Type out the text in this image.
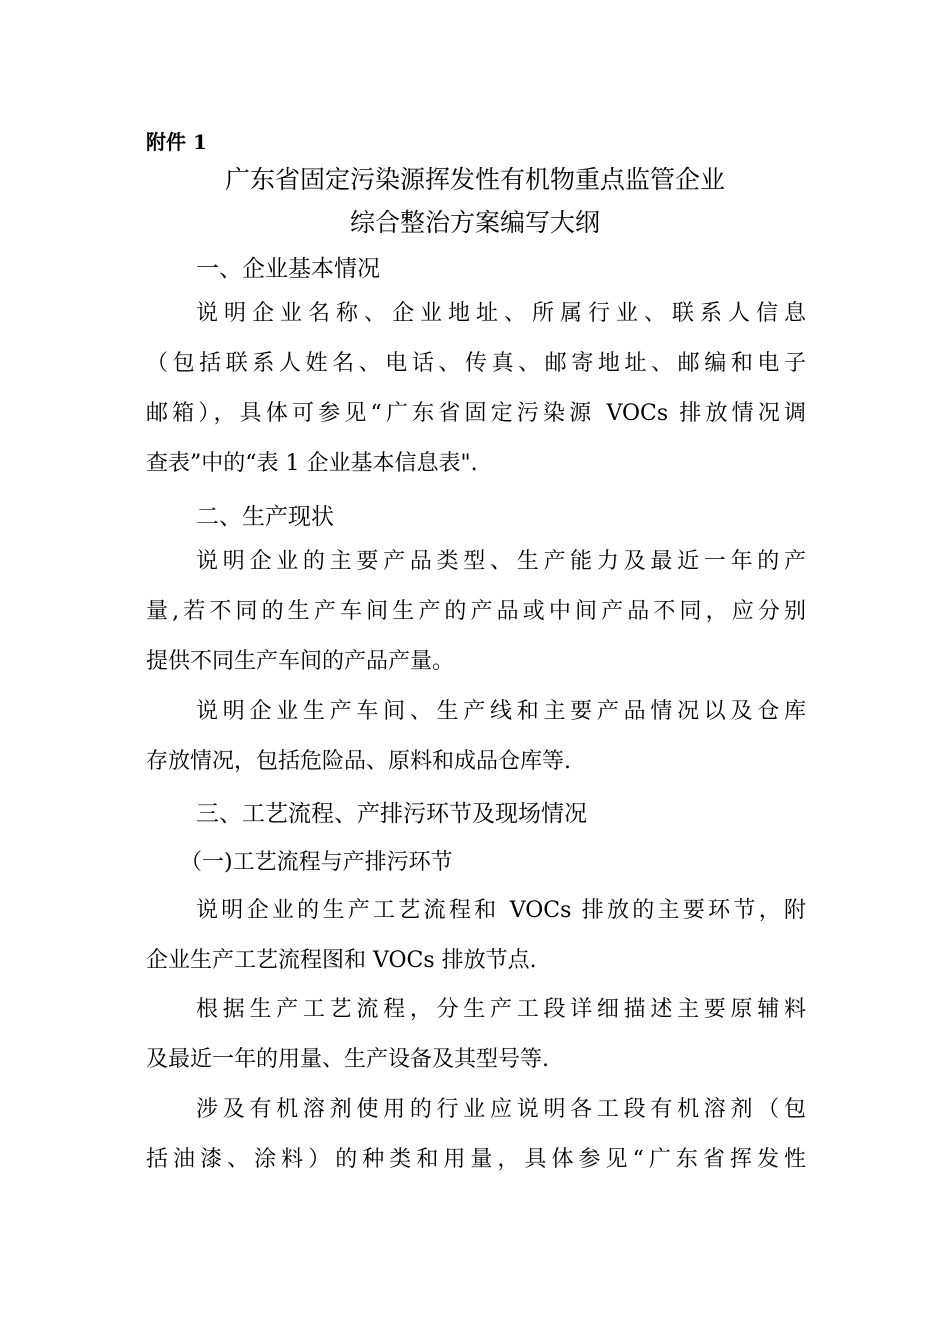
附件 1
广东省固定污染源挥发性有机物重点监管企业
综合整治方案编写大纲
一、企业基本情况
说明企业名称、企业地址、所属行业、联系人信息
（包括联系人姓名、电话、传真、邮寄地址、邮编和电子
邮箱），具体可参见“广东省固定污染源 VOCs 排放情况调
查表”中的“表 1 企业基本信息表".
二、生产现状
说明企业的主要产品类型、生产能力及最近一年的产
量,若不同的生产车间生产的产品或中间产品不同，应分别
提供不同生产车间的产品产量。
说明企业生产车间、生产线和主要产品情况以及仓库
存放情况，包括危险品、原料和成品仓库等.
三、工艺流程、产排污环节及现场情况
（一)工艺流程与产排污环节
说明企业的生产工艺流程和 VOCs 排放的主要环节，附
企业生产工艺流程图和 VOCs 排放节点.
根据生产工艺流程，分生产工段详细描述主要原辅料
及最近一年的用量、生产设备及其型号等.
涉及有机溶剂使用的行业应说明各工段有机溶剂（包
括油漆、涂料）的种类和用量，具体参见“广东省挥发性
